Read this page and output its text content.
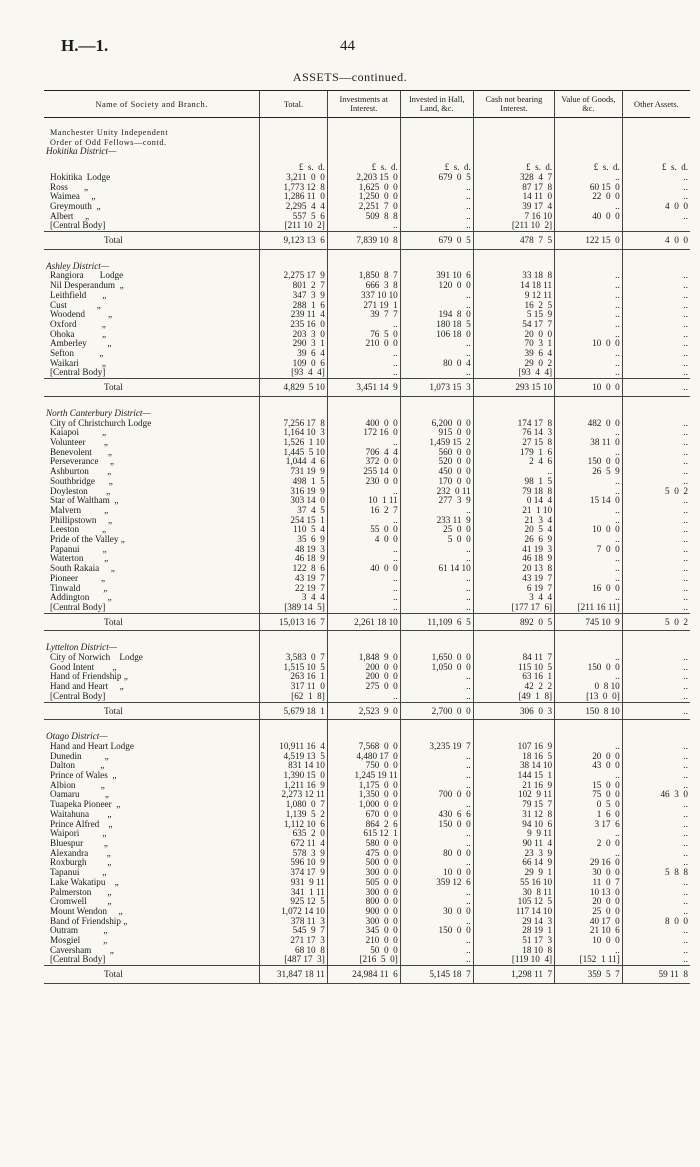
H.—1.	44
ASSETS—continued.
Name of Society and Branch.	Total.	Investments at Interest.	Invested in Hall, Land, &c.	Cash not bearing Interest.	Value of Goods, &c.	Other Assets.

Manchester Unity Independent						
Order of Odd Fellows—contd.						
Hokitika District—						
	£  s.  d.	£  s.  d.	£  s.  d.	£  s.  d.	£  s.  d.	£  s.  d.
Hokitika  Lodge	3,211  0  0	2,203 15  0	679  0  5	328  4  7	..	..
Ross       „	1,773 12  8	1,625  0  0	..	87 17  8	60 15  0	..
Waimea     „	1,286 11  0	1,250  0  0	..	14 11  0	22  0  0	..
Greymouth  „	2,295  4  4	2,251  7  0	..	39 17  4	..	4  0  0
Albert     „	557  5  6	509  8  8	..	7 16 10	40  0  0	..
[Central Body]	[211 10  2]	..	..	[211 10  2]		
Total	9,123 13  6	7,839 10  8	679  0  5	478  7  5	122 15  0	4  0  0

Ashley District—						
Rangiora       Lodge	2,275 17  9	1,850  8  7	391 10  6	33 18  8	..	..
Nil Desperandum  „	801  2  7	666  3  8	120  0  0	14 18 11	..	..
Leithfield       „	347  3  9	337 10 10	..	9 12 11	..	..
Cust             „	288  1  6	271 19  1	..	16  2  5	..	..
Woodend          „	239 11  4	39  7  7	194  8  0	5 15  9	..	..
Oxford           „	235 16  0	..	180 18  5	54 17  7	..	..
Ohoka            „	203  3  0	76  5  0	106 18  0	20  0  0	..	..
Amberley         „	290  3  1	210  0  0	..	70  3  1	10  0  0	..
Sefton           „	39  6  4	..	..	39  6  4	..	..
Waikari          „	109  0  6	..	80  0  4	29  0  2	..	..
[Central Body]	[93  4  4]	..	..	[93  4  4]	..	..
Total	4,829  5 10	3,451 14  9	1,073 15  3	293 15 10	10  0  0	..

North Canterbury District—						
City of Christchurch Lodge	7,256 17  8	400  0  0	6,200  0  0	174 17  8	482  0  0	..
Kaiapoi          „	1,164 10  3	172 16  0	915  0  0	76 14  3	..	..
Volunteer        „	1,526  1 10	..	1,459 15  2	27 15  8	38 11  0	..
Benevolent       „	1,445  5 10	706  4  4	560  0  0	179  1  6	..	..
Perseverance     „	1,044  4  6	372  0  0	520  0  0	2  4  6	150  0  0	..
Ashburton        „	731 19  9	255 14  0	450  0  0	..	26  5  9	..
Southbridge      „	498  1  5	230  0  0	170  0  0	98  1  5	..	..
Doyleston        „	316 19  9	..	232  0 11	79 18  8	..	5  0  2
Star of Waltham  „	303 14  0	10  1 11	277  3  9	0 14  4	15 14  0	..
Malvern          „	37  4  5	16  2  7	..	21  1 10	..	..
Phillipstown     „	254 15  1	..	233 11  9	21  3  4	..	..
Leeston          „	110  5  4	55  0  0	25  0  0	20  5  4	10  0  0	..
Pride of the Valley „	35  6  9	4  0  0	5  0  0	26  6  9	..	..
Papanui          „	48 19  3	..	..	41 19  3	7  0  0	..
Waterton         „	46 18  9	..	..	46 18  9	..	..
South Rakaia     „	122  8  6	40  0  0	61 14 10	20 13  8	..	..
Pioneer          „	43 19  7	..	..	43 19  7	..	..
Tinwald          „	22 19  7	..	..	6 19  7	16  0  0	..
Addington        „	3  4  4	..	..	3  4  4	..	..
[Central Body]	[389 14  5]	..	..	[177 17  6]	[211 16 11]	..
Total	15,013 16  7	2,261 18 10	11,109  6  5	892  0  5	745 10  9	5  0  2

Lyttelton District—						
City of Norwich    Lodge	3,583  0  7	1,848  9  0	1,650  0  0	84 11  7	..	..
Good Intent        „	1,515 10  5	200  0  0	1,050  0  0	115 10  5	150  0  0	..
Hand of Friendship „	263 16  1	200  0  0	..	63 16  1	..	..
Hand and Heart     „	317 11  0	275  0  0	..	42  2  2	0  8 10	..
[Central Body]	[62  1  8]	..	..	[49  1  8]	[13  0  0]	..
Total	5,679 18  1	2,523  9  0	2,700  0  0	306  0  3	150  8 10	..

Otago District—						
Hand and Heart Lodge	10,911 16  4	7,568  0  0	3,235 19  7	107 16  9	..	..
Dunedin          „	4,519 13  5	4,480 17  0	..	18 16  5	20  0  0	..
Dalton           „	831 14 10	750  0  0	..	38 14 10	43  0  0	..
Prince of Wales  „	1,390 15  0	1,245 19 11	..	144 15  1	..	..
Albion           „	1,211 16  9	1,175  0  0	..	21 16  9	15  0  0	..
Oamaru           „	2,273 12 11	1,350  0  0	700  0  0	102  9 11	75  0  0	46  3  0
Tuapeka Pioneer  „	1,080  0  7	1,000  0  0	..	79 15  7	0  5  0	..
Waitahuna        „	1,139  5  2	670  0  0	430  6  6	31 12  8	1  6  0	..
Prince Alfred    „	1,112 10  6	864  2  6	150  0  0	94 10  6	3 17  6	..
Waipori          „	635  2  0	615 12  1	..	9  9 11	..	..
Bluespur         „	672 11  4	580  0  0	..	90 11  4	2  0  0	..
Alexandra        „	578  3  9	475  0  0	80  0  0	23  3  9	..	..
Roxburgh         „	596 10  9	500  0  0	..	66 14  9	29 16  0	..
Tapanui          „	374 17  9	300  0  0	10  0  0	29  9  1	30  0  0	5  8  8
Lake Wakatipu    „	931  9 11	505  0  0	359 12  6	55 16 10	11  0  7	..
Palmerston       „	341  1 11	300  0  0	..	30  8 11	10 13  0	..
Cromwell         „	925 12  5	800  0  0	..	105 12  5	20  0  0	..
Mount Wendon     „	1,072 14 10	900  0  0	30  0  0	117 14 10	25  0  0	..
Band of Friendship „	378 11  3	300  0  0	..	29 14  3	40 17  0	8  0  0
Outram           „	545  9  7	345  0  0	150  0  0	28 19  1	21 10  6	..
Mosgiel          „	271 17  3	210  0  0	..	51 17  3	10  0  0	..
Caversham        „	68 10  8	50  0  0	..	18 10  8	..	..
[Central Body]	[487 17  3]	[216  5  0]	..	[119 10  4]	[152  1 11]	..
Total	31,847 18 11	24,984 11  6	5,145 18  7	1,298 11  7	359  5  7	59 11  8
